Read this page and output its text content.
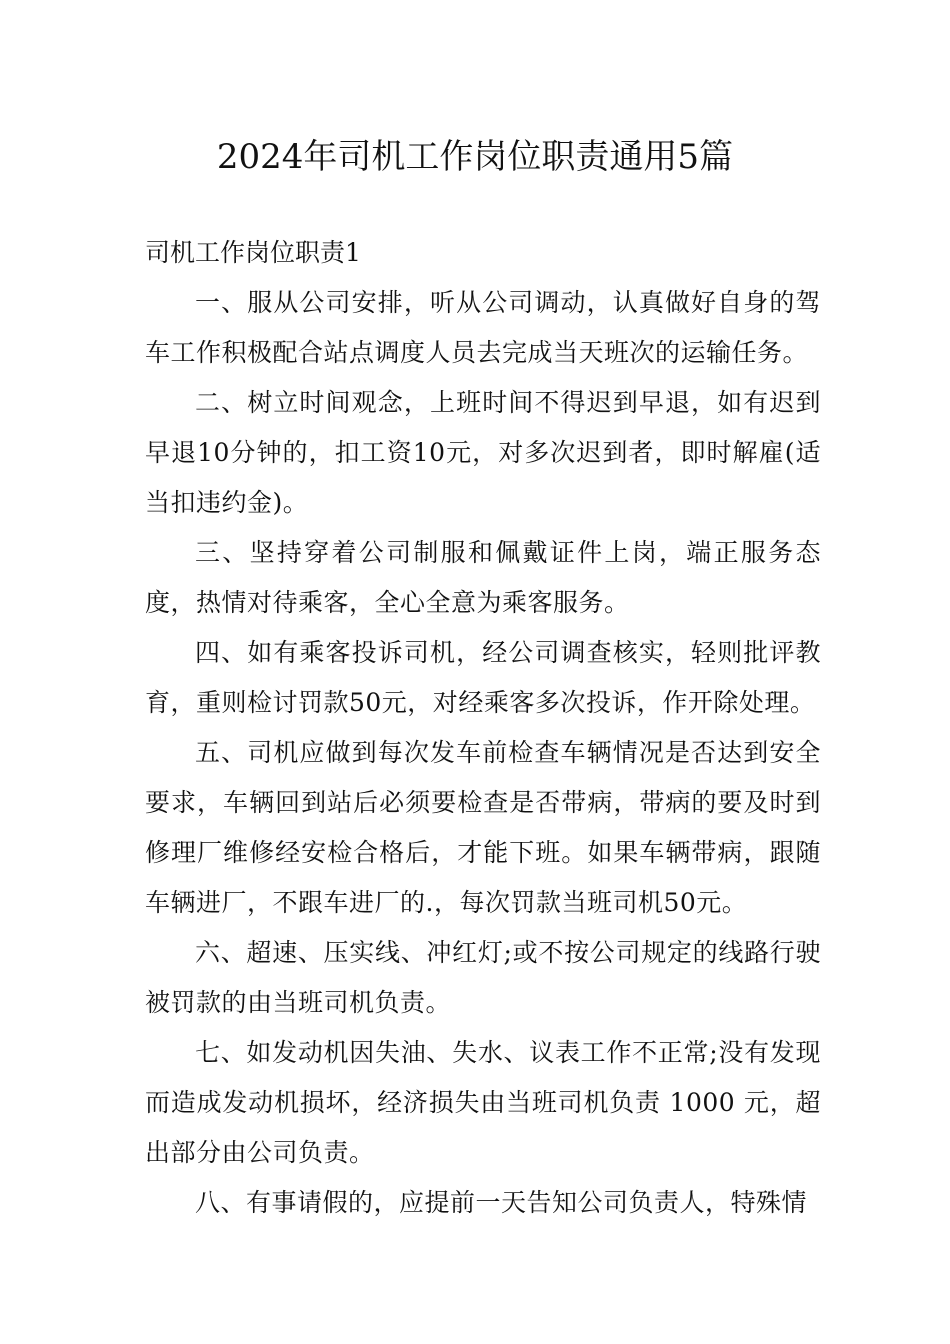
2024年司机工作岗位职责通用5篇
司机工作岗位职责1

一、服从公司安排，听从公司调动，认真做好自身的驾车工作积极配合站点调度人员去完成当天班次的运输任务。

二、树立时间观念，上班时间不得迟到早退，如有迟到早退10分钟的，扣工资10元，对多次迟到者，即时解雇(适当扣违约金)。

三、坚持穿着公司制服和佩戴证件上岗，端正服务态度，热情对待乘客，全心全意为乘客服务。

四、如有乘客投诉司机，经公司调查核实，轻则批评教育，重则检讨罚款50元，对经乘客多次投诉，作开除处理。

五、司机应做到每次发车前检查车辆情况是否达到安全要求，车辆回到站后必须要检查是否带病，带病的要及时到修理厂维修经安检合格后，才能下班。如果车辆带病，跟随车辆进厂，不跟车进厂的.，每次罚款当班司机50元。

六、超速、压实线、冲红灯;或不按公司规定的线路行驶被罚款的由当班司机负责。

七、如发动机因失油、失水、议表工作不正常;没有发现而造成发动机损坏，经济损失由当班司机负责 1000 元，超出部分由公司负责。

八、有事请假的，应提前一天告知公司负责人，特殊情
